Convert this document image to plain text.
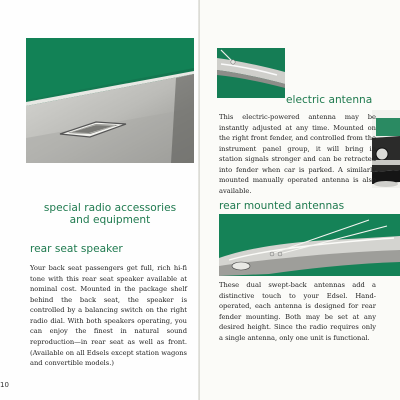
special radio accessories
and equipment
rear seat speaker

Your back seat passengers get full, rich hi-fi tone with this rear seat speaker available at nominal cost. Mounted in the package shelf behind the back seat, the speaker is controlled by a balancing switch on the right radio dial. With both speakers operating, you can enjoy the finest in natural sound reproduction—in rear seat as well as front. (Available on all Edsels except station wagons and convertible models.)

10
electric antenna

This electric-powered antenna may be instantly adjusted at any time. Mounted on the right front fender, and controlled from the instrument panel group, it will bring in station signals stronger and can be retracted into fender when car is parked. A similarly mounted manually operated antenna is also available.

rear mounted antennas

These dual swept-back antennas add a distinctive touch to your Edsel. Hand-operated, each antenna is designed for rear fender mounting. Both may be set at any desired height. Since the radio requires only a single antenna, only one unit is functional.
